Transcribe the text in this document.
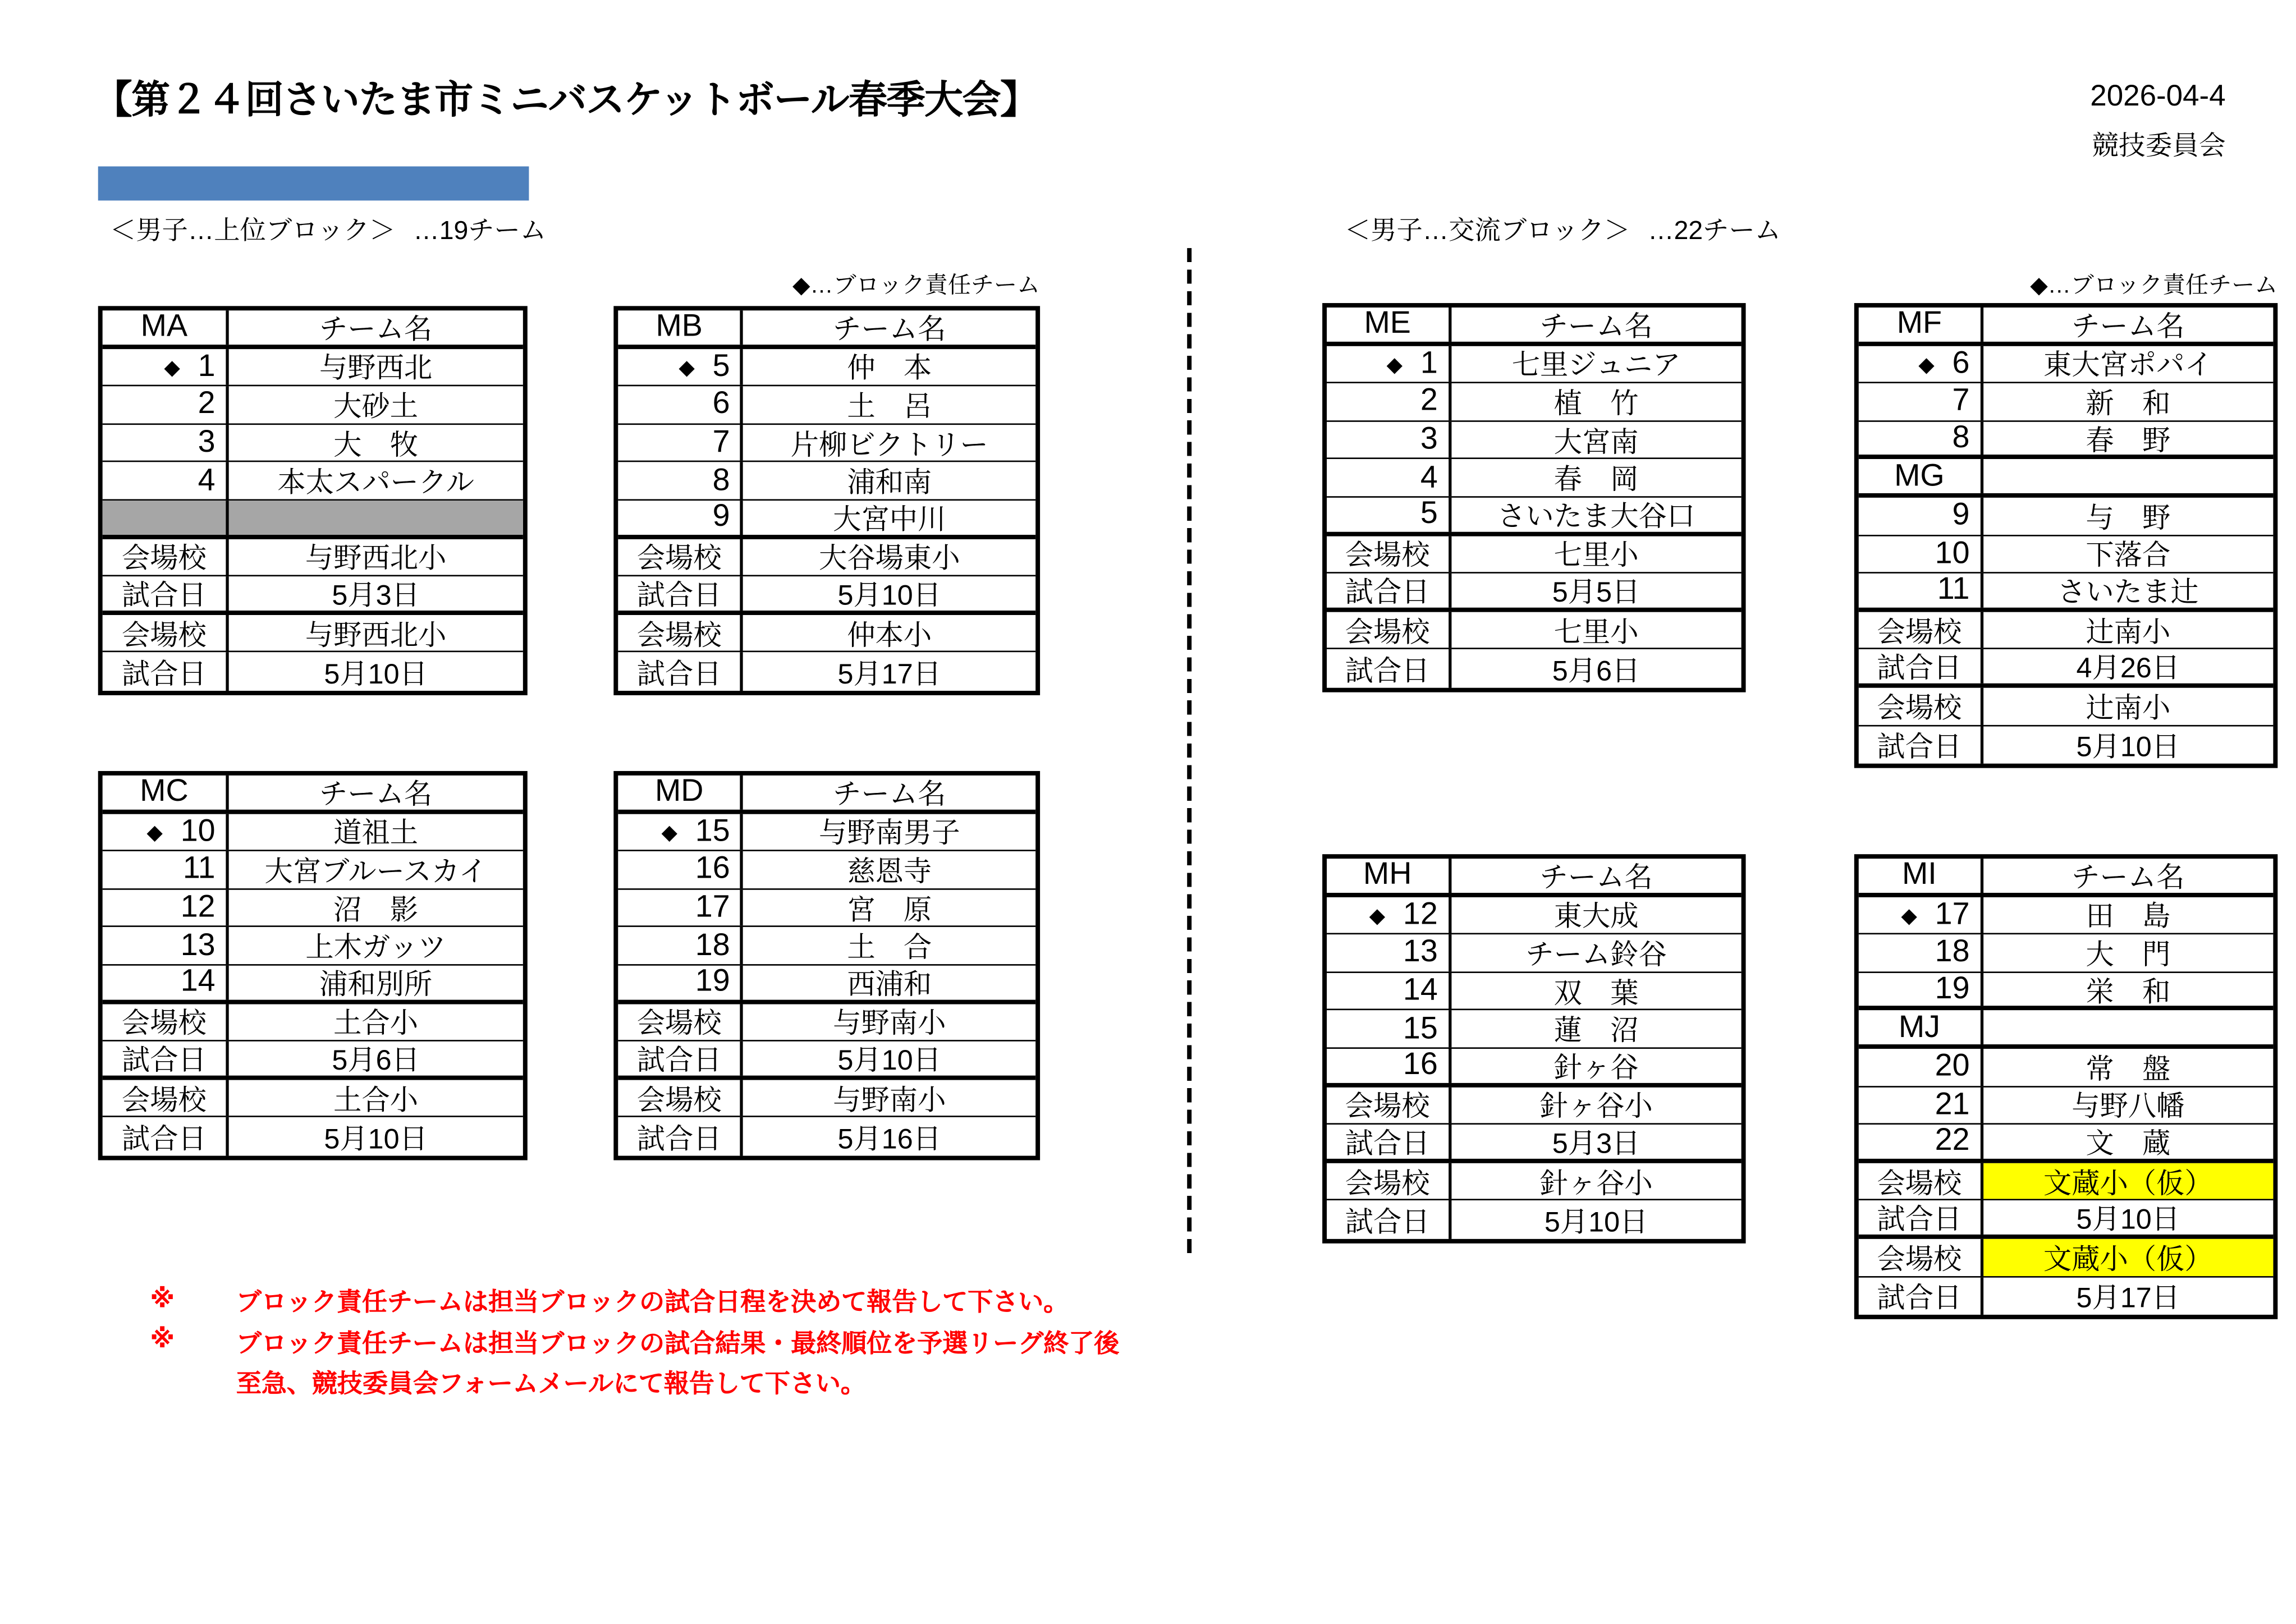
【第２４回さいたま市ミニバスケットボール春季大会】	2026-04-4
競技委員会
＜男子…上位ブロック＞ …19チーム	＜男子…交流ブロック＞ …22チーム
◆…ブロック責任チーム	◆…ブロック責任チーム
MA	チーム名
◆ 1	与野西北
2	大砂土
3	大　牧
4	本太スパークル
会場校	与野西北小
試合日	5月3日
会場校	与野西北小
試合日	5月10日
MB	チーム名
◆ 5	仲　本
6	土　呂
7	片柳ビクトリー
8	浦和南
9	大宮中川
会場校	大谷場東小
試合日	5月10日
会場校	仲本小
試合日	5月17日
MC	チーム名
◆ 10	道祖土
11	大宮ブルースカイ
12	沼　影
13	上木ガッツ
14	浦和別所
会場校	土合小
試合日	5月6日
会場校	土合小
試合日	5月10日
MD	チーム名
◆ 15	与野南男子
16	慈恩寺
17	宮　原
18	土　合
19	西浦和
会場校	与野南小
試合日	5月10日
会場校	与野南小
試合日	5月16日
ME	チーム名
◆ 1	七里ジュニア
2	植　竹
3	大宮南
4	春　岡
5	さいたま大谷口
会場校	七里小
試合日	5月5日
会場校	七里小
試合日	5月6日
MF	チーム名
◆ 6	東大宮ポパイ
7	新　和
8	春　野
MG
9	与　野
10	下落合
11	さいたま辻
会場校	辻南小
試合日	4月26日
会場校	辻南小
試合日	5月10日
MH	チーム名
◆ 12	東大成
13	チーム鈴谷
14	双　葉
15	蓮　沼
16	針ヶ谷
会場校	針ヶ谷小
試合日	5月3日
会場校	針ヶ谷小
試合日	5月10日
MI	チーム名
◆ 17	田　島
18	大　門
19	栄　和
MJ
20	常　盤
21	与野八幡
22	文　蔵
会場校	文蔵小（仮）
試合日	5月10日
会場校	文蔵小（仮）
試合日	5月17日
※	ブロック責任チームは担当ブロックの試合日程を決めて報告して下さい。
※	ブロック責任チームは担当ブロックの試合結果・最終順位を予選リーグ終了後
至急、競技委員会フォームメールにて報告して下さい。
